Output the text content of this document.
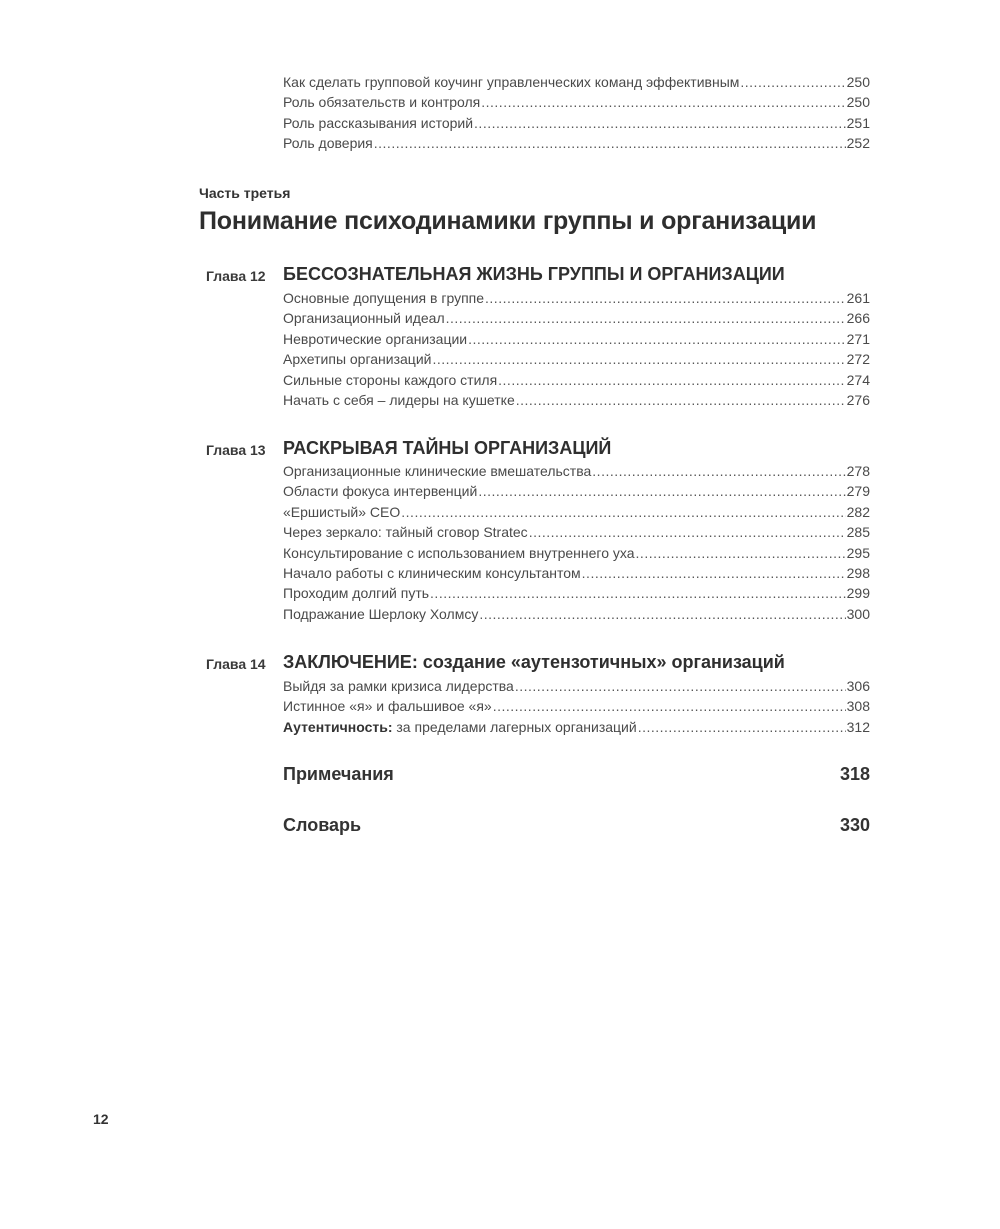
Как сделать групповой коучинг управленческих команд эффективным .....	250
Роль обязательств и контроля .....	250
Роль рассказывания историй .....	251
Роль доверия .....	252
Часть третья
Понимание психодинамики группы и организации
Глава 12 БЕССОЗНАТЕЛЬНАЯ ЖИЗНЬ ГРУППЫ И ОРГАНИЗАЦИИ
Основные допущения в группе .....	261
Организационный идеал .....	266
Невротические организации .....	271
Архетипы организаций .....	272
Сильные стороны каждого стиля .....	274
Начать с себя – лидеры на кушетке .....	276
Глава 13 РАСКРЫВАЯ ТАЙНЫ ОРГАНИЗАЦИЙ
Организационные клинические вмешательства .....	278
Области фокуса интервенций .....	279
«Ершистый» CEO .....	282
Через зеркало: тайный сговор Stratec .....	285
Консультирование с использованием внутреннего уха .....	295
Начало работы с клиническим консультантом .....	298
Проходим долгий путь .....	299
Подражание Шерлоку Холмсу .....	300
Глава 14 ЗАКЛЮЧЕНИЕ: создание «аутензотичных» организаций
Выйдя за рамки кризиса лидерства .....	306
Истинное «я» и фальшивое «я» .....	308
Аутентичность: за пределами лагерных организаций .....	312
Примечания	318
Словарь	330
12
